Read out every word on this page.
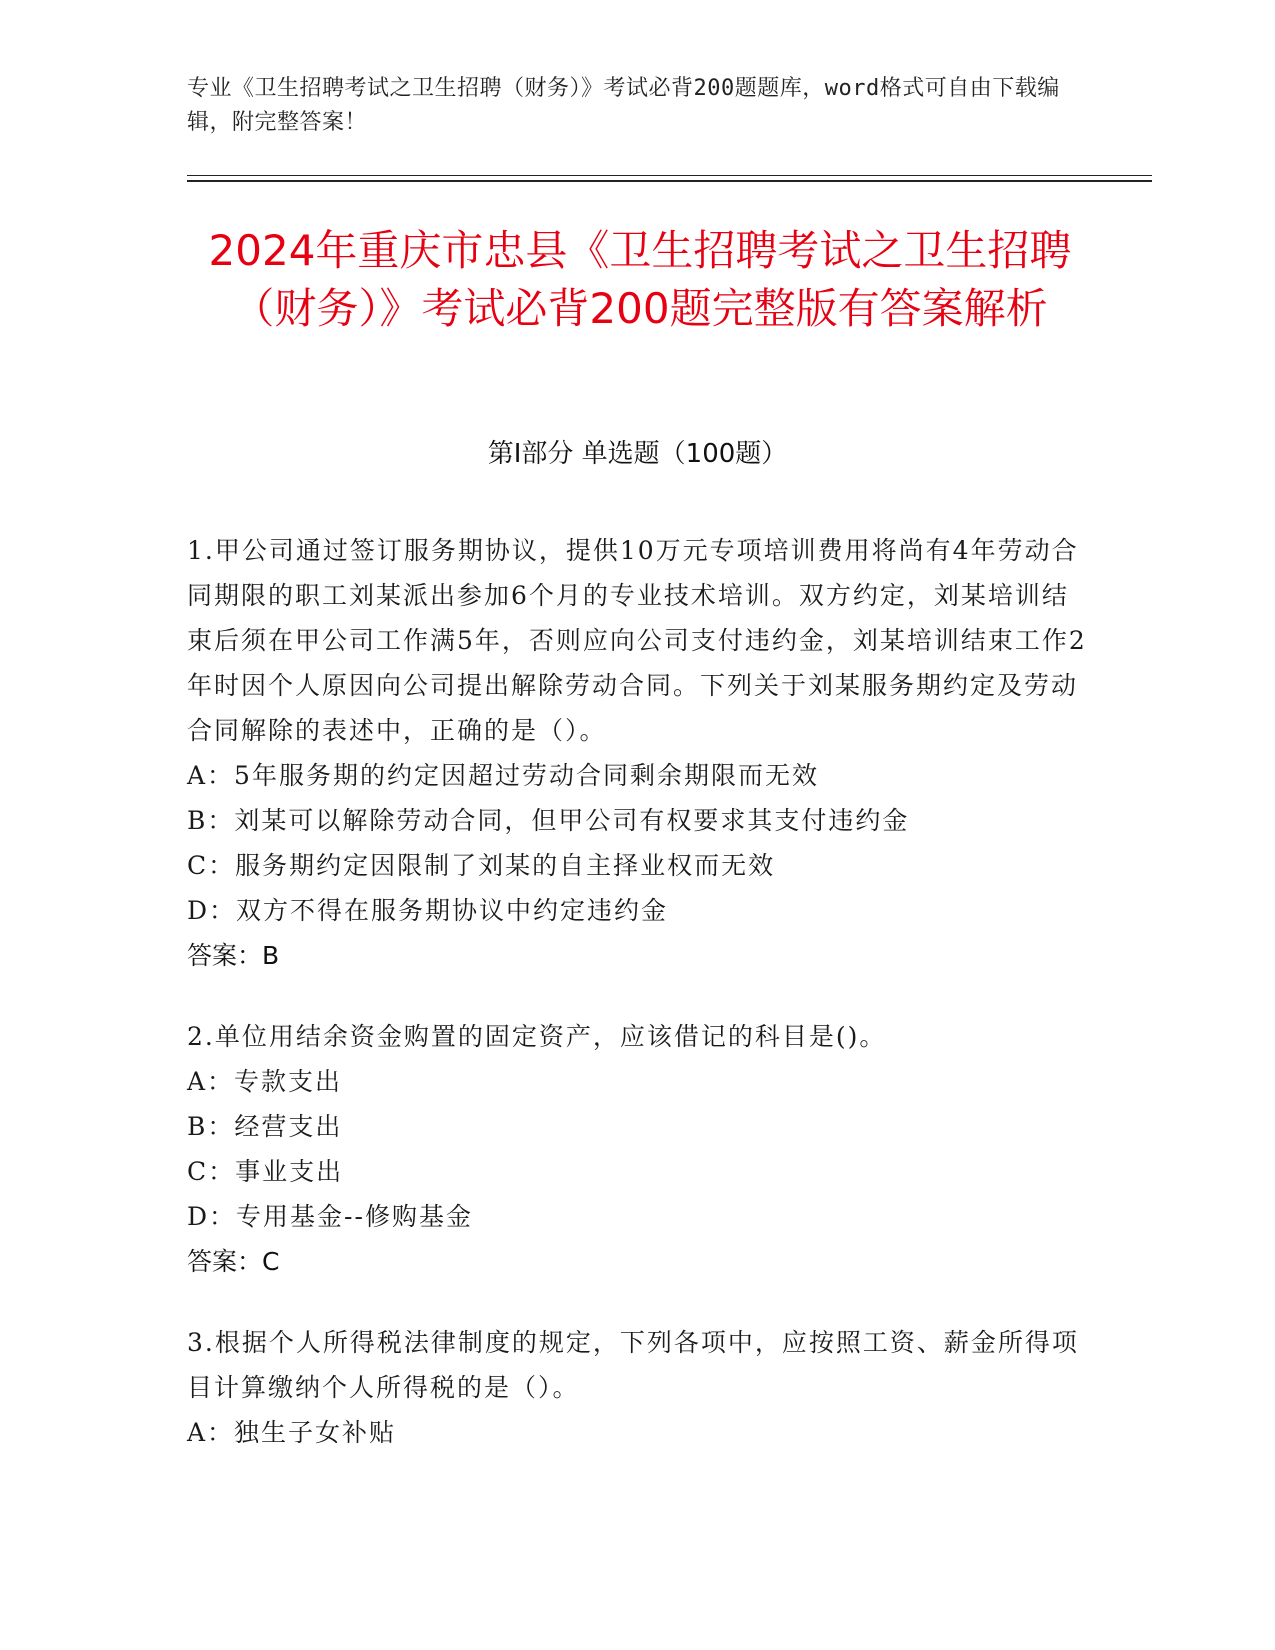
专业《卫生招聘考试之卫生招聘（财务）》考试必背200题题库，word格式可自由下载编辑，附完整答案！
2024年重庆市忠县《卫生招聘考试之卫生招聘（财务）》考试必背200题完整版有答案解析
第Ⅰ部分 单选题（100题）

1.甲公司通过签订服务期协议，提供10万元专项培训费用将尚有4年劳动合同期限的职工刘某派出参加6个月的专业技术培训。双方约定，刘某培训结束后须在甲公司工作满5年，否则应向公司支付违约金，刘某培训结束工作2年时因个人原因向公司提出解除劳动合同。下列关于刘某服务期约定及劳动合同解除的表述中，正确的是（）。

A：5年服务期的约定因超过劳动合同剩余期限而无效

B：刘某可以解除劳动合同，但甲公司有权要求其支付违约金

C：服务期约定因限制了刘某的自主择业权而无效

D：双方不得在服务期协议中约定违约金

答案：B

2.单位用结余资金购置的固定资产，应该借记的科目是()。

A：专款支出

B：经营支出

C：事业支出

D：专用基金--修购基金

答案：C

3.根据个人所得税法律制度的规定，下列各项中，应按照工资、薪金所得项目计算缴纳个人所得税的是（）。

A：独生子女补贴
